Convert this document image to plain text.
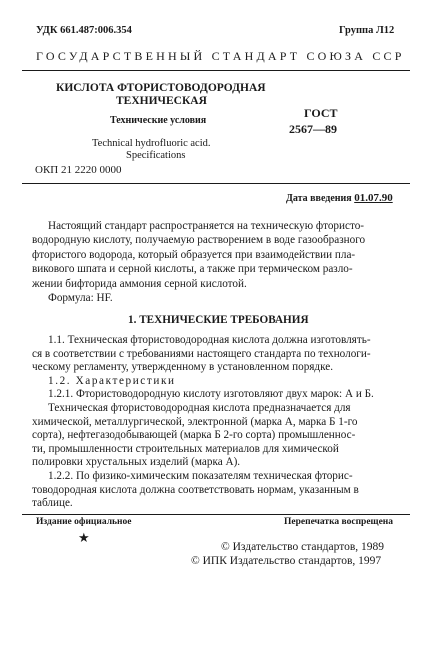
УДК 661.487:006.354	Группа Л12
ГОСУДАРСТВЕННЫЙ СТАНДАРТ СОЮЗА ССР
КИСЛОТА ФТОРИСТОВОДОРОДНАЯ
ТЕХНИЧЕСКАЯ
Технические условия
Technical hydrofluoric acid.
Specifications
ОКП 21 2220 0000
ГОСТ
2567—89
Дата введения 01.07.90
Настоящий стандарт распространяется на техническую фтористо-
водородную кислоту, получаемую растворением в воде газообразного
фтористого водорода, который образуется при взаимодействии пла-
викового шпата и серной кислоты, а также при термическом разло-
жении бифторида аммония серной кислотой.
Формула: HF.
1. ТЕХНИЧЕСКИЕ ТРЕБОВАНИЯ
1.1. Техническая фтористоводородная кислота должна изготовлять-
ся в соответствии с требованиями настоящего стандарта по технологи-
ческому регламенту, утвержденному в установленном порядке.
1.2. Характеристики
1.2.1. Фтористоводородную кислоту изготовляют двух марок: А и Б.
Техническая фтористоводородная кислота предназначается для
химической, металлургической, электронной (марка А, марка Б 1-го
сорта), нефтегазодобывающей (марка Б 2-го сорта) промышленнос-
ти, промышленности строительных материалов для химической
полировки хрустальных изделий (марка А).
1.2.2. По физико-химическим показателям техническая фторис-
товодородная кислота должна соответствовать нормам, указанным в
таблице.
Издание официальное	Перепечатка воспрещена
★
© Издательство стандартов, 1989
© ИПК Издательство стандартов, 1997
